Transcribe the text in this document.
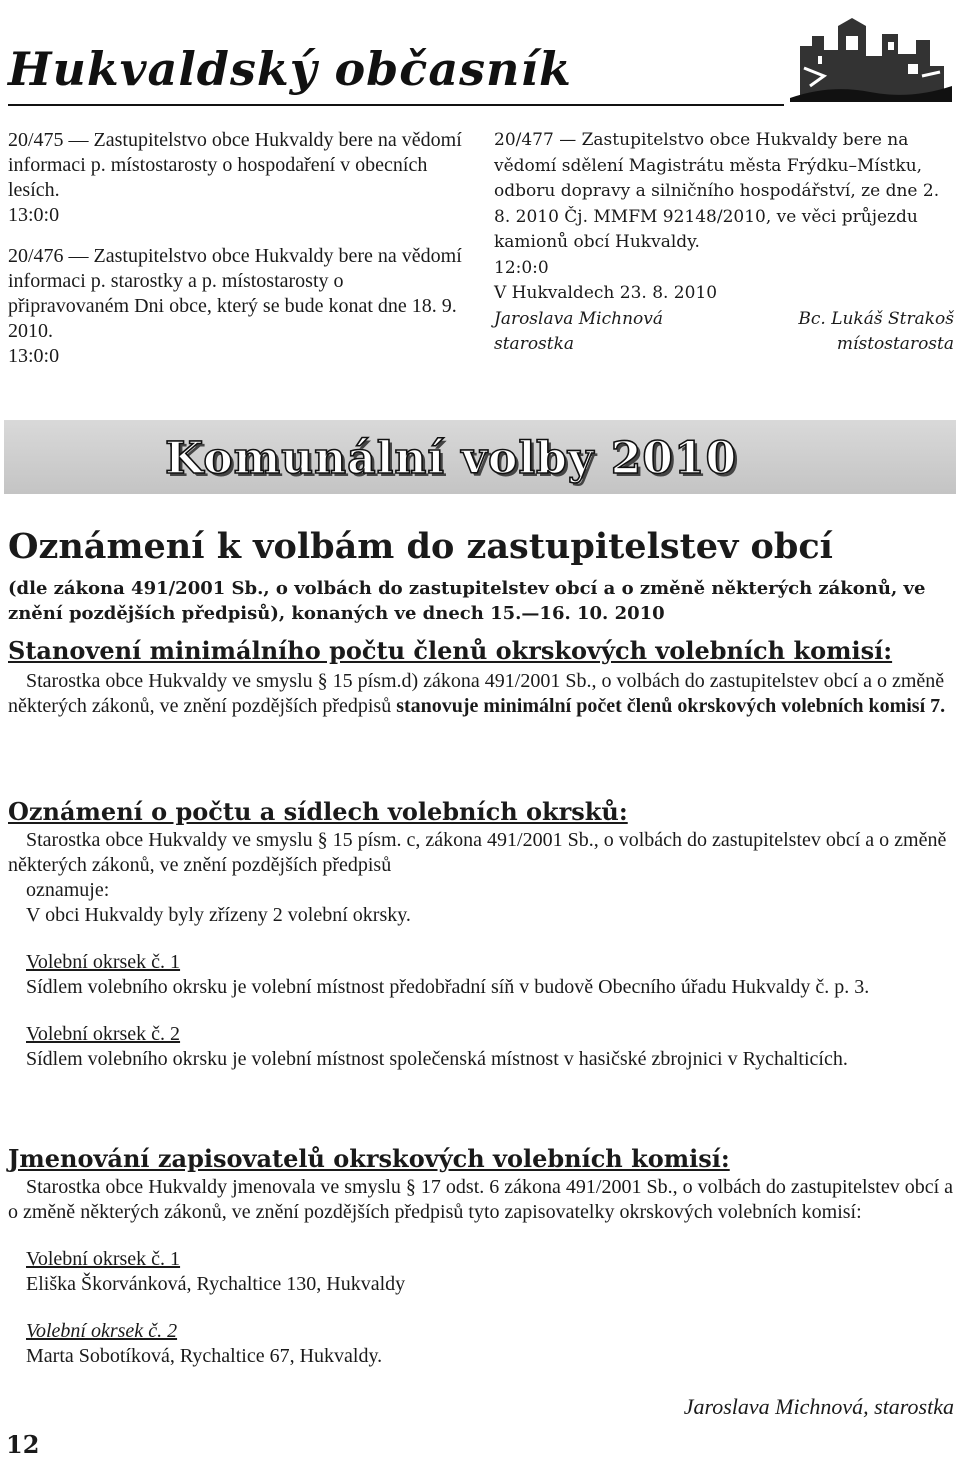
Hukvaldský občasník

20/475 — Zastupitelstvo obce Hukvaldy bere na vědomí informaci p. místostarosty o hospodaření v obecních lesích.

13:0:0

20/476 — Zastupitelstvo obce Hukvaldy bere na vědomí informaci p. starostky a p. místostarosty o připravovaném Dni obce, který se bude konat dne 18. 9. 2010.

13:0:0

20/477 — Zastupitelstvo obce Hukvaldy bere na vědomí sdělení Magistrátu města Frýdku–Místku, odboru dopravy a silničního hospodářství, ze dne 2. 8. 2010 Čj. MMFM 92148/2010, ve věci průjezdu kamionů obcí Hukvaldy.

12:0:0

V Hukvaldech 23. 8. 2010

Jaroslava Michnová	Bc. Lukáš Strakoš
starostka	místostarosta
Komunální volby 2010
Oznámení k volbám do zastupitelstev obcí
(dle zákona 491/2001 Sb., o volbách do zastupitelstev obcí a o změně některých zákonů, ve znění pozdějších předpisů), konaných ve dnech 15.—16. 10. 2010
Stanovení minimálního počtu členů okrskových volebních komisí:
Starostka obce Hukvaldy ve smyslu § 15 písm.d) zákona 491/2001 Sb., o volbách do zastupitelstev obcí a o změně některých zákonů, ve znění pozdějších předpisů stanovuje minimální počet členů okrskových volebních komisí 7.
Oznámení o počtu a sídlech volebních okrsků:

Starostka obce Hukvaldy ve smyslu § 15 písm. c, zákona 491/2001 Sb., o volbách do zastupitelstev obcí a o změně některých zákonů, ve znění pozdějších předpisů

oznamuje:

V obci Hukvaldy byly zřízeny 2 volební okrsky.

Volební okrsek č. 1

Sídlem volebního okrsku je volební místnost předobřadní síň v budově Obecního úřadu Hukvaldy č. p. 3.

Volební okrsek č. 2

Sídlem volebního okrsku je volební místnost společenská místnost v hasičské zbrojnici v Rychalticích.

Jmenování zapisovatelů okrskových volebních komisí:

Starostka obce Hukvaldy jmenovala ve smyslu § 17 odst. 6 zákona 491/2001 Sb., o volbách do zastupitelstev obcí a o změně některých zákonů, ve znění pozdějších předpisů tyto zapisovatelky okrskových volebních komisí:

Volební okrsek č. 1

Eliška Škorvánková, Rychaltice 130, Hukvaldy

Volební okrsek č. 2

Marta Sobotíková, Rychaltice 67, Hukvaldy.

Jaroslava Michnová, starostka
12
